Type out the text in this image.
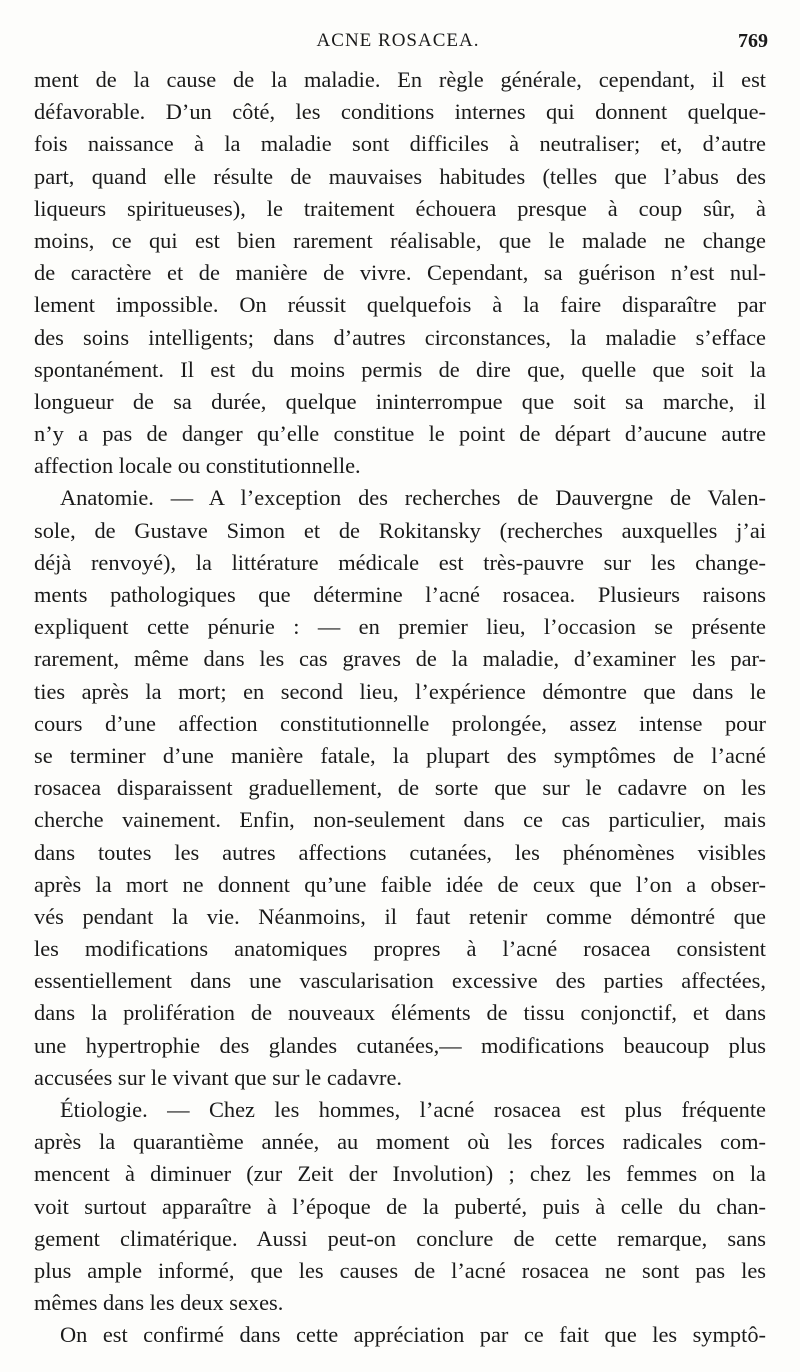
ACNE ROSACEA.	769
ment de la cause de la maladie. En règle générale, cependant, il est
défavorable. D’un côté, les conditions internes qui donnent quelque-
fois naissance à la maladie sont difficiles à neutraliser; et, d’autre
part, quand elle résulte de mauvaises habitudes (telles que l’abus des
liqueurs spiritueuses), le traitement échouera presque à coup sûr, à
moins, ce qui est bien rarement réalisable, que le malade ne change
de caractère et de manière de vivre. Cependant, sa guérison n’est nul-
lement impossible. On réussit quelquefois à la faire disparaître par
des soins intelligents; dans d’autres circonstances, la maladie s’efface
spontanément. Il est du moins permis de dire que, quelle que soit la
longueur de sa durée, quelque ininterrompue que soit sa marche, il
n’y a pas de danger qu’elle constitue le point de départ d’aucune autre
affection locale ou constitutionnelle.
Anatomie. — A l’exception des recherches de Dauvergne de Valen-
sole, de Gustave Simon et de Rokitansky (recherches auxquelles j’ai
déjà renvoyé), la littérature médicale est très-pauvre sur les change-
ments pathologiques que détermine l’acné rosacea. Plusieurs raisons
expliquent cette pénurie : — en premier lieu, l’occasion se présente
rarement, même dans les cas graves de la maladie, d’examiner les par-
ties après la mort; en second lieu, l’expérience démontre que dans le
cours d’une affection constitutionnelle prolongée, assez intense pour
se terminer d’une manière fatale, la plupart des symptômes de l’acné
rosacea disparaissent graduellement, de sorte que sur le cadavre on les
cherche vainement. Enfin, non-seulement dans ce cas particulier, mais
dans toutes les autres affections cutanées, les phénomènes visibles
après la mort ne donnent qu’une faible idée de ceux que l’on a obser-
vés pendant la vie. Néanmoins, il faut retenir comme démontré que
les modifications anatomiques propres à l’acné rosacea consistent
essentiellement dans une vascularisation excessive des parties affectées,
dans la prolifération de nouveaux éléments de tissu conjonctif, et dans
une hypertrophie des glandes cutanées,— modifications beaucoup plus
accusées sur le vivant que sur le cadavre.
Étiologie. — Chez les hommes, l’acné rosacea est plus fréquente
après la quarantième année, au moment où les forces radicales com-
mencent à diminuer (zur Zeit der Involution) ; chez les femmes on la
voit surtout apparaître à l’époque de la puberté, puis à celle du chan-
gement climatérique. Aussi peut-on conclure de cette remarque, sans
plus ample informé, que les causes de l’acné rosacea ne sont pas les
mêmes dans les deux sexes.
On est confirmé dans cette appréciation par ce fait que les symptô-
